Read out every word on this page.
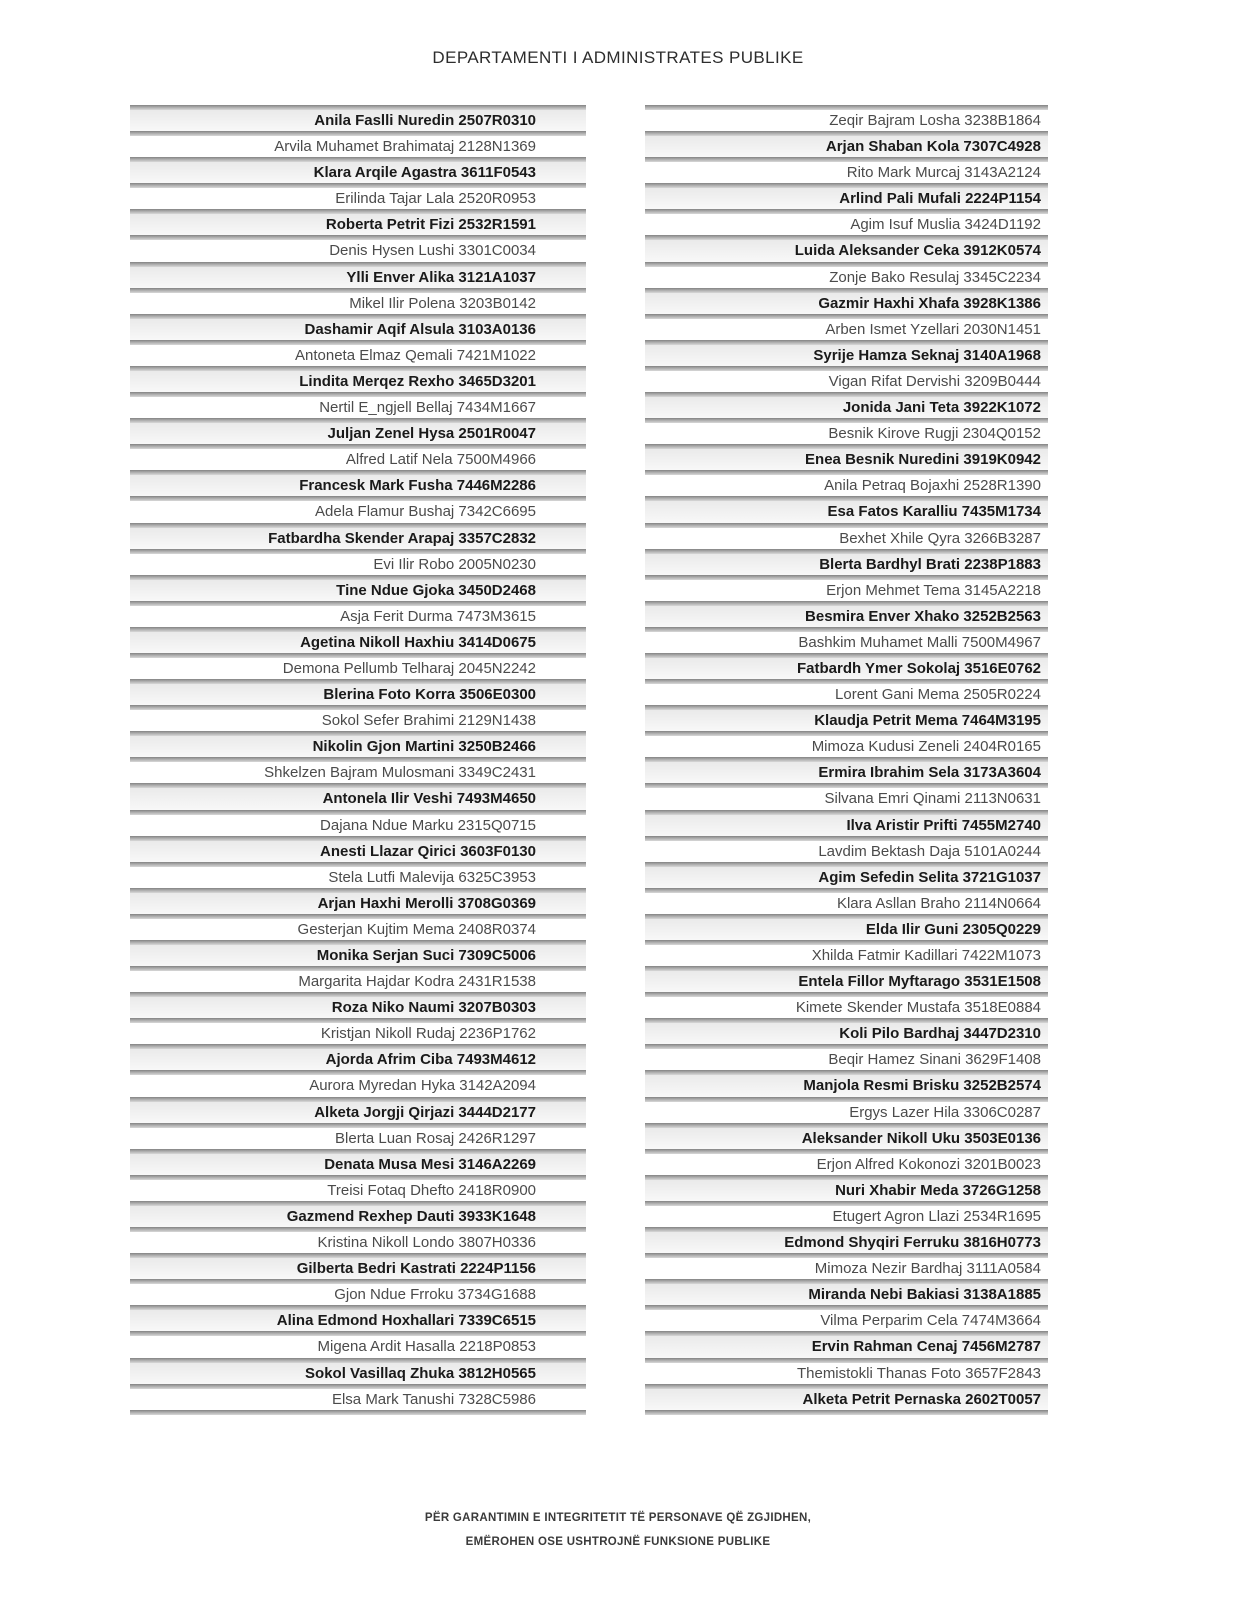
DEPARTAMENTI I ADMINISTRATES PUBLIKE
Anila Faslli Nuredin 2507R0310
Arvila Muhamet Brahimataj 2128N1369
Klara Arqile Agastra 3611F0543
Erilinda Tajar Lala 2520R0953
Roberta Petrit Fizi 2532R1591
Denis Hysen Lushi 3301C0034
Ylli Enver Alika 3121A1037
Mikel Ilir Polena 3203B0142
Dashamir Aqif Alsula 3103A0136
Antoneta Elmaz Qemali 7421M1022
Lindita Merqez Rexho 3465D3201
Nertil E_ngjell Bellaj 7434M1667
Juljan Zenel Hysa 2501R0047
Alfred Latif Nela 7500M4966
Francesk Mark Fusha 7446M2286
Adela Flamur Bushaj 7342C6695
Fatbardha Skender Arapaj 3357C2832
Evi Ilir Robo 2005N0230
Tine Ndue Gjoka 3450D2468
Asja Ferit Durma 7473M3615
Agetina Nikoll Haxhiu 3414D0675
Demona Pellumb Telharaj 2045N2242
Blerina Foto Korra 3506E0300
Sokol Sefer Brahimi 2129N1438
Nikolin Gjon Martini 3250B2466
Shkelzen Bajram Mulosmani 3349C2431
Antonela Ilir Veshi 7493M4650
Dajana Ndue Marku 2315Q0715
Anesti Llazar Qirici 3603F0130
Stela Lutfi Malevija 6325C3953
Arjan Haxhi Merolli 3708G0369
Gesterjan Kujtim Mema 2408R0374
Monika Serjan Suci 7309C5006
Margarita Hajdar Kodra 2431R1538
Roza Niko Naumi 3207B0303
Kristjan Nikoll Rudaj 2236P1762
Ajorda Afrim Ciba 7493M4612
Aurora Myredan Hyka 3142A2094
Alketa Jorgji Qirjazi 3444D2177
Blerta Luan Rosaj 2426R1297
Denata Musa Mesi 3146A2269
Treisi Fotaq Dhefto 2418R0900
Gazmend Rexhep Dauti 3933K1648
Kristina Nikoll Londo 3807H0336
Gilberta Bedri Kastrati 2224P1156
Gjon Ndue Frroku 3734G1688
Alina Edmond Hoxhallari 7339C6515
Migena Ardit Hasalla 2218P0853
Sokol Vasillaq Zhuka 3812H0565
Elsa Mark Tanushi 7328C5986
Zeqir Bajram Losha 3238B1864
Arjan Shaban Kola 7307C4928
Rito Mark Murcaj 3143A2124
Arlind Pali Mufali 2224P1154
Agim Isuf Muslia 3424D1192
Luida Aleksander Ceka 3912K0574
Zonje Bako Resulaj 3345C2234
Gazmir Haxhi Xhafa 3928K1386
Arben Ismet Yzellari 2030N1451
Syrije Hamza Seknaj 3140A1968
Vigan Rifat Dervishi 3209B0444
Jonida Jani Teta 3922K1072
Besnik Kirove Rugji 2304Q0152
Enea Besnik Nuredini 3919K0942
Anila Petraq Bojaxhi 2528R1390
Esa Fatos Karalliu 7435M1734
Bexhet Xhile Qyra 3266B3287
Blerta Bardhyl Brati 2238P1883
Erjon Mehmet Tema 3145A2218
Besmira Enver Xhako 3252B2563
Bashkim Muhamet Malli 7500M4967
Fatbardh Ymer Sokolaj 3516E0762
Lorent Gani Mema 2505R0224
Klaudja Petrit Mema 7464M3195
Mimoza Kudusi Zeneli 2404R0165
Ermira Ibrahim Sela 3173A3604
Silvana Emri Qinami 2113N0631
Ilva Aristir Prifti 7455M2740
Lavdim Bektash Daja 5101A0244
Agim Sefedin Selita 3721G1037
Klara Asllan Braho 2114N0664
Elda Ilir Guni 2305Q0229
Xhilda Fatmir Kadillari 7422M1073
Entela Fillor Myftarago 3531E1508
Kimete Skender Mustafa 3518E0884
Koli Pilo Bardhaj 3447D2310
Beqir Hamez Sinani 3629F1408
Manjola Resmi Brisku 3252B2574
Ergys Lazer Hila 3306C0287
Aleksander Nikoll Uku 3503E0136
Erjon Alfred Kokonozi 3201B0023
Nuri Xhabir Meda 3726G1258
Etugert Agron Llazi 2534R1695
Edmond Shyqiri Ferruku 3816H0773
Mimoza Nezir Bardhaj 3111A0584
Miranda Nebi Bakiasi 3138A1885
Vilma Perparim Cela 7474M3664
Ervin Rahman Cenaj 7456M2787
Themistokli Thanas Foto 3657F2843
Alketa Petrit Pernaska 2602T0057
PËR GARANTIMIN E INTEGRITETIT TË PERSONAVE QË ZGJIDHEN,
EMËROHEN OSE USHTROJNË FUNKSIONE PUBLIKE
